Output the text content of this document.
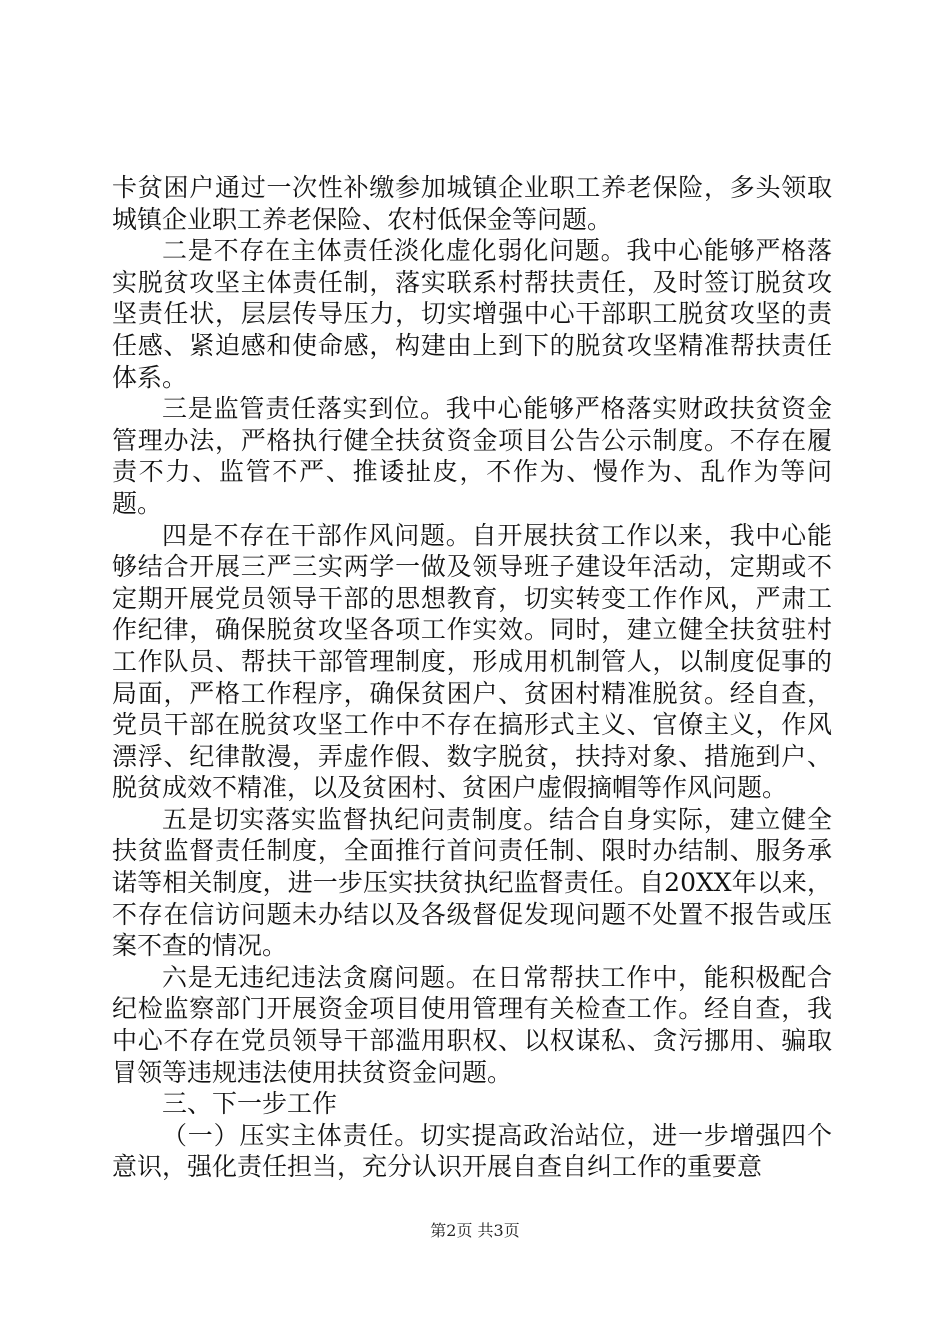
卡贫困户通过一次性补缴参加城镇企业职工养老保险，多头领取城镇企业职工养老保险、农村低保金等问题。

二是不存在主体责任淡化虚化弱化问题。我中心能够严格落实脱贫攻坚主体责任制，落实联系村帮扶责任，及时签订脱贫攻坚责任状，层层传导压力，切实增强中心干部职工脱贫攻坚的责任感、紧迫感和使命感，构建由上到下的脱贫攻坚精准帮扶责任体系。

三是监管责任落实到位。我中心能够严格落实财政扶贫资金管理办法，严格执行健全扶贫资金项目公告公示制度。不存在履责不力、监管不严、推诿扯皮，不作为、慢作为、乱作为等问题。

四是不存在干部作风问题。自开展扶贫工作以来，我中心能够结合开展三严三实两学一做及领导班子建设年活动，定期或不定期开展党员领导干部的思想教育，切实转变工作作风，严肃工作纪律，确保脱贫攻坚各项工作实效。同时，建立健全扶贫驻村工作队员、帮扶干部管理制度，形成用机制管人，以制度促事的局面，严格工作程序，确保贫困户、贫困村精准脱贫。经自查，党员干部在脱贫攻坚工作中不存在搞形式主义、官僚主义，作风漂浮、纪律散漫，弄虚作假、数字脱贫，扶持对象、措施到户、脱贫成效不精准，以及贫困村、贫困户虚假摘帽等作风问题。

五是切实落实监督执纪问责制度。结合自身实际，建立健全扶贫监督责任制度，全面推行首问责任制、限时办结制、服务承诺等相关制度，进一步压实扶贫执纪监督责任。自20XX年以来，不存在信访问题未办结以及各级督促发现问题不处置不报告或压案不查的情况。

六是无违纪违法贪腐问题。在日常帮扶工作中，能积极配合纪检监察部门开展资金项目使用管理有关检查工作。经自查，我中心不存在党员领导干部滥用职权、以权谋私、贪污挪用、骗取冒领等违规违法使用扶贫资金问题。

三、下一步工作

（一）压实主体责任。切实提高政治站位，进一步增强四个意识，强化责任担当，充分认识开展自查自纠工作的重要意

第2页 共3页
